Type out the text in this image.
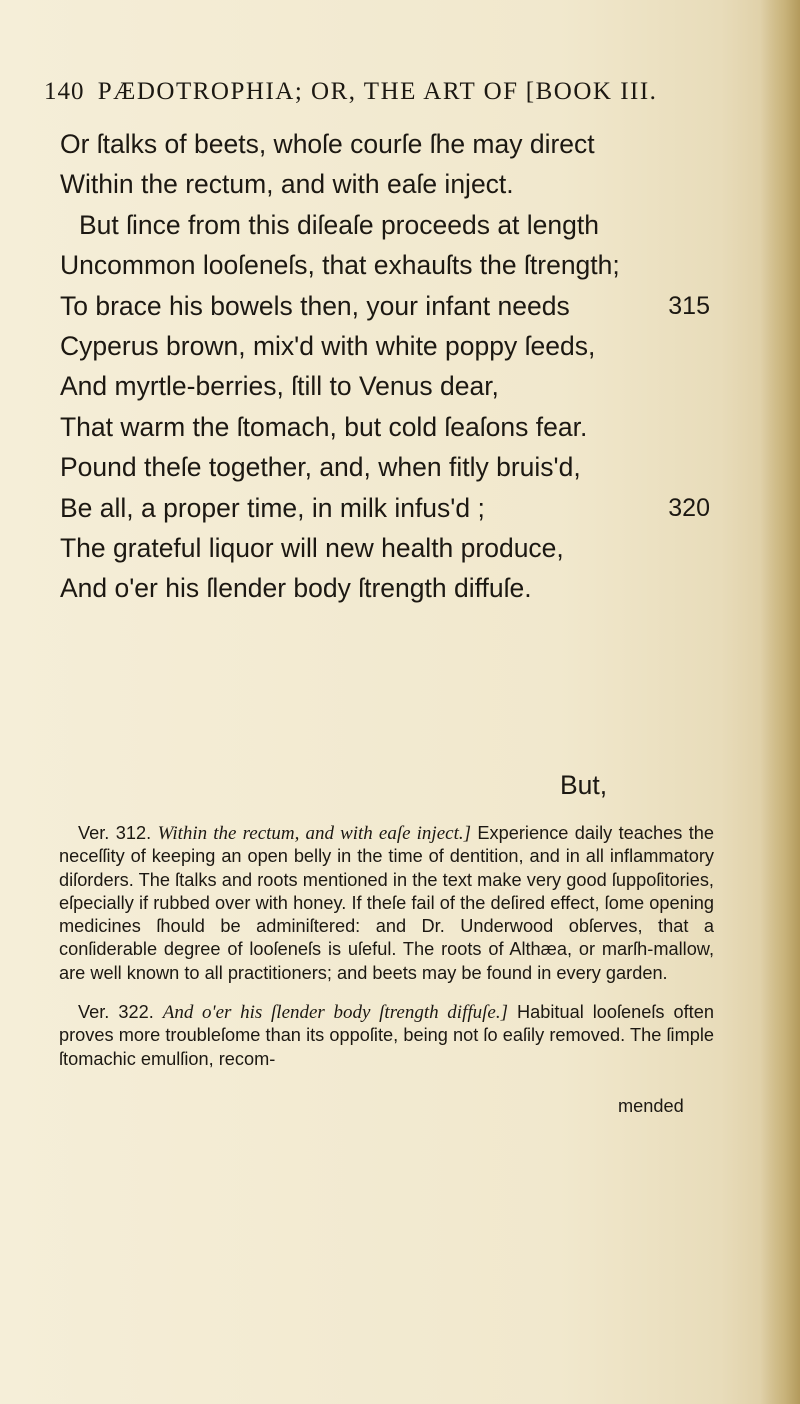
140 PÆDOTROPHIA; OR, THE ART OF [BOOK III.
Or ſtalks of beets, whoſe courſe ſhe may direct
Within the rectum, and with eaſe inject.
But ſince from this diſeaſe proceeds at length
Uncommon looſeneſs, that exhauſts the ſtrength;
To brace his bowels then, your infant needs	315
Cyperus brown, mix'd with white poppy ſeeds,
And myrtle-berries, ſtill to Venus dear,
That warm the ſtomach, but cold ſeaſons fear.
Pound theſe together, and, when fitly bruis'd,
Be all, a proper time, in milk infus'd ;	320
The grateful liquor will new health produce,
And o'er his ſlender body ſtrength diffuſe.
But,

Ver. 312. Within the rectum, and with eaſe inject.] Experience daily teaches the neceſſity of keeping an open belly in the time of dentition, and in all inflammatory diſorders. The ſtalks and roots mentioned in the text make very good ſuppoſitories, eſpecially if rubbed over with honey. If theſe fail of the deſired effect, ſome opening medicines ſhould be adminiſtered: and Dr. Underwood obſerves, that a conſiderable degree of looſeneſs is uſeful. The roots of Althæa, or marſh-mallow, are well known to all practitioners; and beets may be found in every garden.

Ver. 322. And o'er his ſlender body ſtrength diffuſe.] Habitual looſeneſs often proves more troubleſome than its oppoſite, being not ſo eaſily removed. The ſimple ſtomachic emulſion, recom-

mended
